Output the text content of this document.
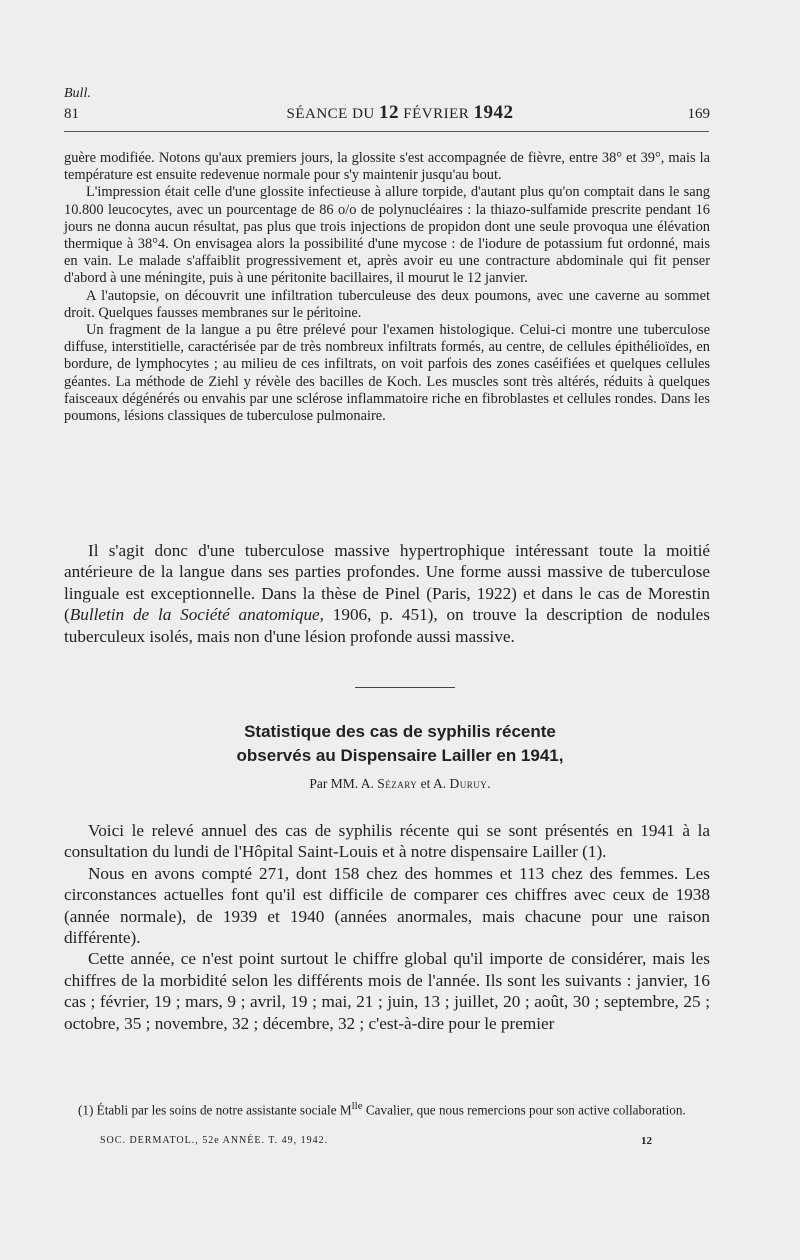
Bull.
81	SÉANCE DU 12 FÉVRIER 1942	169

guère modifiée. Notons qu'aux premiers jours, la glossite s'est accompagnée de fièvre, entre 38° et 39°, mais la température est ensuite redevenue normale pour s'y maintenir jusqu'au bout.

L'impression était celle d'une glossite infectieuse à allure torpide, d'autant plus qu'on comptait dans le sang 10.800 leucocytes, avec un pourcentage de 86 o/o de polynucléaires : la thiazo-sulfamide prescrite pendant 16 jours ne donna aucun résultat, pas plus que trois injections de propidon dont une seule provoqua une élévation thermique à 38°4. On envisagea alors la possibilité d'une mycose : de l'iodure de potassium fut ordonné, mais en vain. Le malade s'affaiblit progressivement et, après avoir eu une contracture abdominale qui fit penser d'abord à une méningite, puis à une péritonite bacillaires, il mourut le 12 janvier.

A l'autopsie, on découvrit une infiltration tuberculeuse des deux poumons, avec une caverne au sommet droit. Quelques fausses membranes sur le péritoine.

Un fragment de la langue a pu être prélevé pour l'examen histologique. Celui-ci montre une tuberculose diffuse, interstitielle, caractérisée par de très nombreux infiltrats formés, au centre, de cellules épithélioïdes, en bordure, de lymphocytes ; au milieu de ces infiltrats, on voit parfois des zones caséifiées et quelques cellules géantes. La méthode de Ziehl y révèle des bacilles de Koch. Les muscles sont très altérés, réduits à quelques faisceaux dégénérés ou envahis par une sclérose inflammatoire riche en fibroblastes et cellules rondes. Dans les poumons, lésions classiques de tuberculose pulmonaire.

Il s'agit donc d'une tuberculose massive hypertrophique intéressant toute la moitié antérieure de la langue dans ses parties profondes. Une forme aussi massive de tuberculose linguale est exceptionnelle. Dans la thèse de Pinel (Paris, 1922) et dans le cas de Morestin (Bulletin de la Société anatomique, 1906, p. 451), on trouve la description de nodules tuberculeux isolés, mais non d'une lésion profonde aussi massive.

Statistique des cas de syphilis récente
observés au Dispensaire Lailler en 1941,
Par MM. A. Sézary et A. Duruy.

Voici le relevé annuel des cas de syphilis récente qui se sont présentés en 1941 à la consultation du lundi de l'Hôpital Saint-Louis et à notre dispensaire Lailler (1).

Nous en avons compté 271, dont 158 chez des hommes et 113 chez des femmes. Les circonstances actuelles font qu'il est difficile de comparer ces chiffres avec ceux de 1938 (année normale), de 1939 et 1940 (années anormales, mais chacune pour une raison différente).

Cette année, ce n'est point surtout le chiffre global qu'il importe de considérer, mais les chiffres de la morbidité selon les différents mois de l'année. Ils sont les suivants : janvier, 16 cas ; février, 19 ; mars, 9 ; avril, 19 ; mai, 21 ; juin, 13 ; juillet, 20 ; août, 30 ; septembre, 25 ; octobre, 35 ; novembre, 32 ; décembre, 32 ; c'est-à-dire pour le premier

(1) Établi par les soins de notre assistante sociale $M^{lle}$ Cavalier, que nous remercions pour son active collaboration.

SOC. DERMATOL., 52e ANNÉE. T. 49, 1942.	12
